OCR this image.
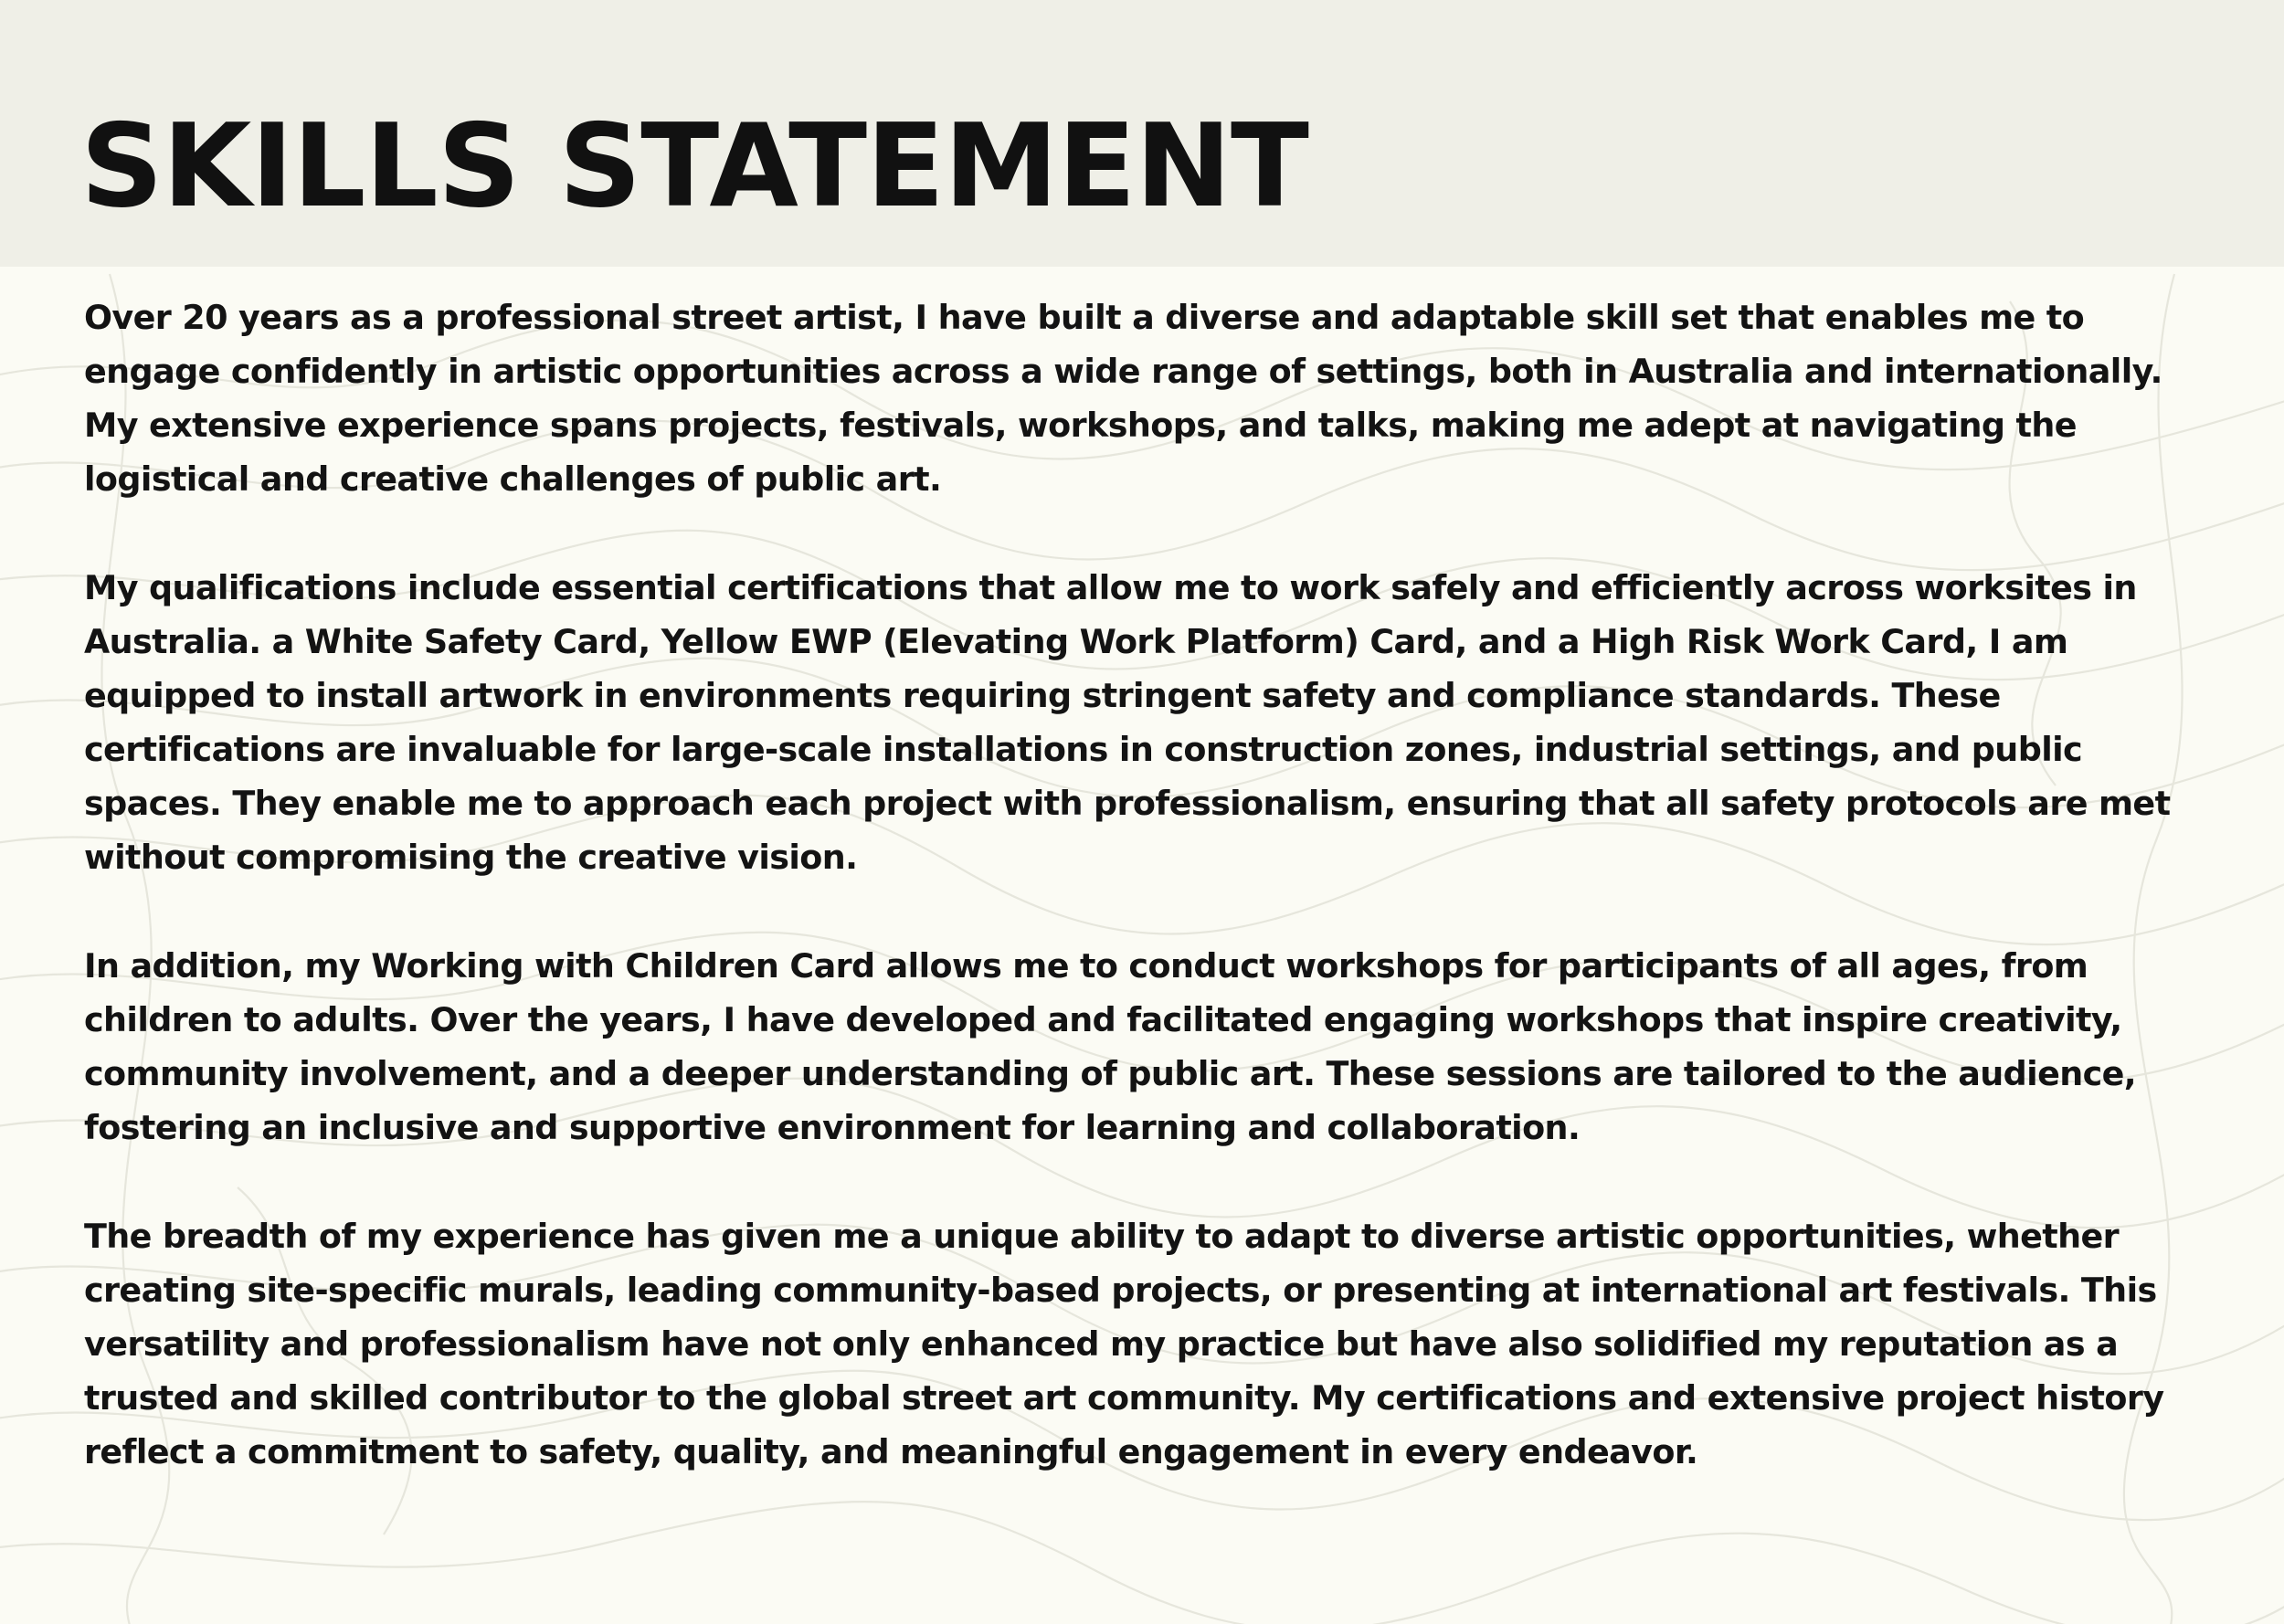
SKILLS STATEMENT

Over 20 years as a professional street artist, I have built a diverse and adaptable skill set that enables me to engage confidently in artistic opportunities across a wide range of settings, both in Australia and internationally. My extensive experience spans projects, festivals, workshops, and talks, making me adept at navigating the logistical and creative challenges of public art.

My qualifications include essential certifications that allow me to work safely and efficiently across worksites in Australia. a White Safety Card, Yellow EWP (Elevating Work Platform) Card, and a High Risk Work Card, I am equipped to install artwork in environments requiring stringent safety and compliance standards. These certifications are invaluable for large-scale installations in construction zones, industrial settings, and public spaces. They enable me to approach each project with professionalism, ensuring that all safety protocols are met without compromising the creative vision.

In addition, my Working with Children Card allows me to conduct workshops for participants of all ages, from children to adults. Over the years, I have developed and facilitated engaging workshops that inspire creativity, community involvement, and a deeper understanding of public art. These sessions are tailored to the audience, fostering an inclusive and supportive environment for learning and collaboration.

The breadth of my experience has given me a unique ability to adapt to diverse artistic opportunities, whether creating site-specific murals, leading community-based projects, or presenting at international art festivals. This versatility and professionalism have not only enhanced my practice but have also solidified my reputation as a trusted and skilled contributor to the global street art community. My certifications and extensive project history reflect a commitment to safety, quality, and meaningful engagement in every endeavor.
